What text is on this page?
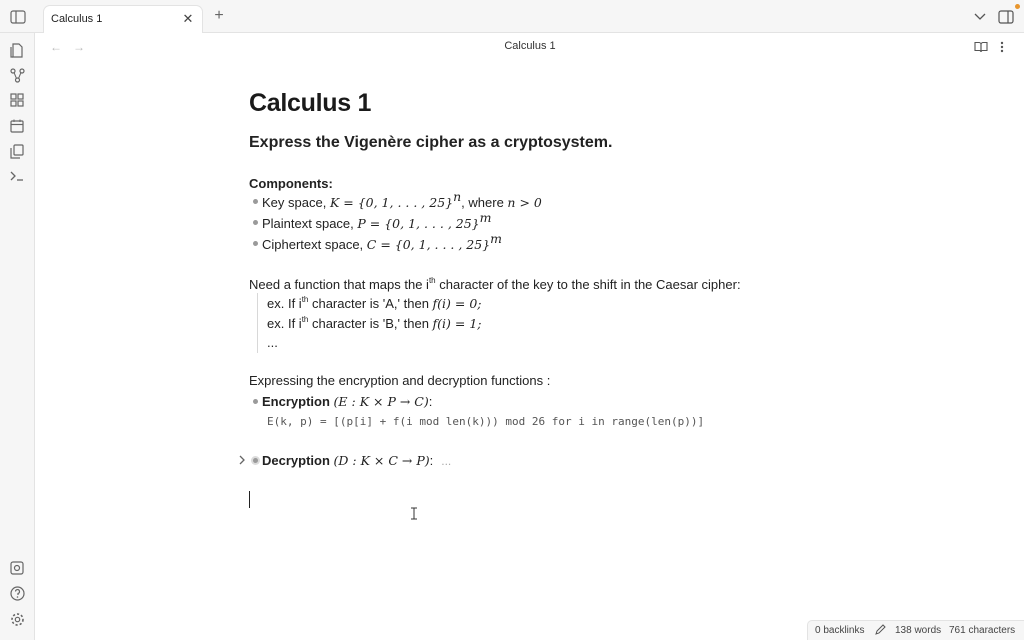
Calculus 1	✕ +
← →	Calculus 1
Calculus 1
Express the Vigenère cipher as a cryptosystem.
Components:
Key space, K = {0, 1, . . . , 25}$^n$, where n > 0
Plaintext space, P = {0, 1, . . . , 25}$^m$
Ciphertext space, C = {0, 1, . . . , 25}$^m$
Need a function that maps the $i^{th}$ character of the key to the shift in the Caesar cipher:
ex. If $i^{th}$ character is 'A,' then f(i) = 0;
ex. If $i^{th}$ character is 'B,' then f(i) = 1;
...
Expressing the encryption and decryption functions :
Encryption (E : K × P → C):
E(k, p) = [(p[i] + f(i mod len(k))) mod 26 for i in range(len(p))]
Decryption (D : K × C → P): ...
0 backlinks	138 words 761 characters
